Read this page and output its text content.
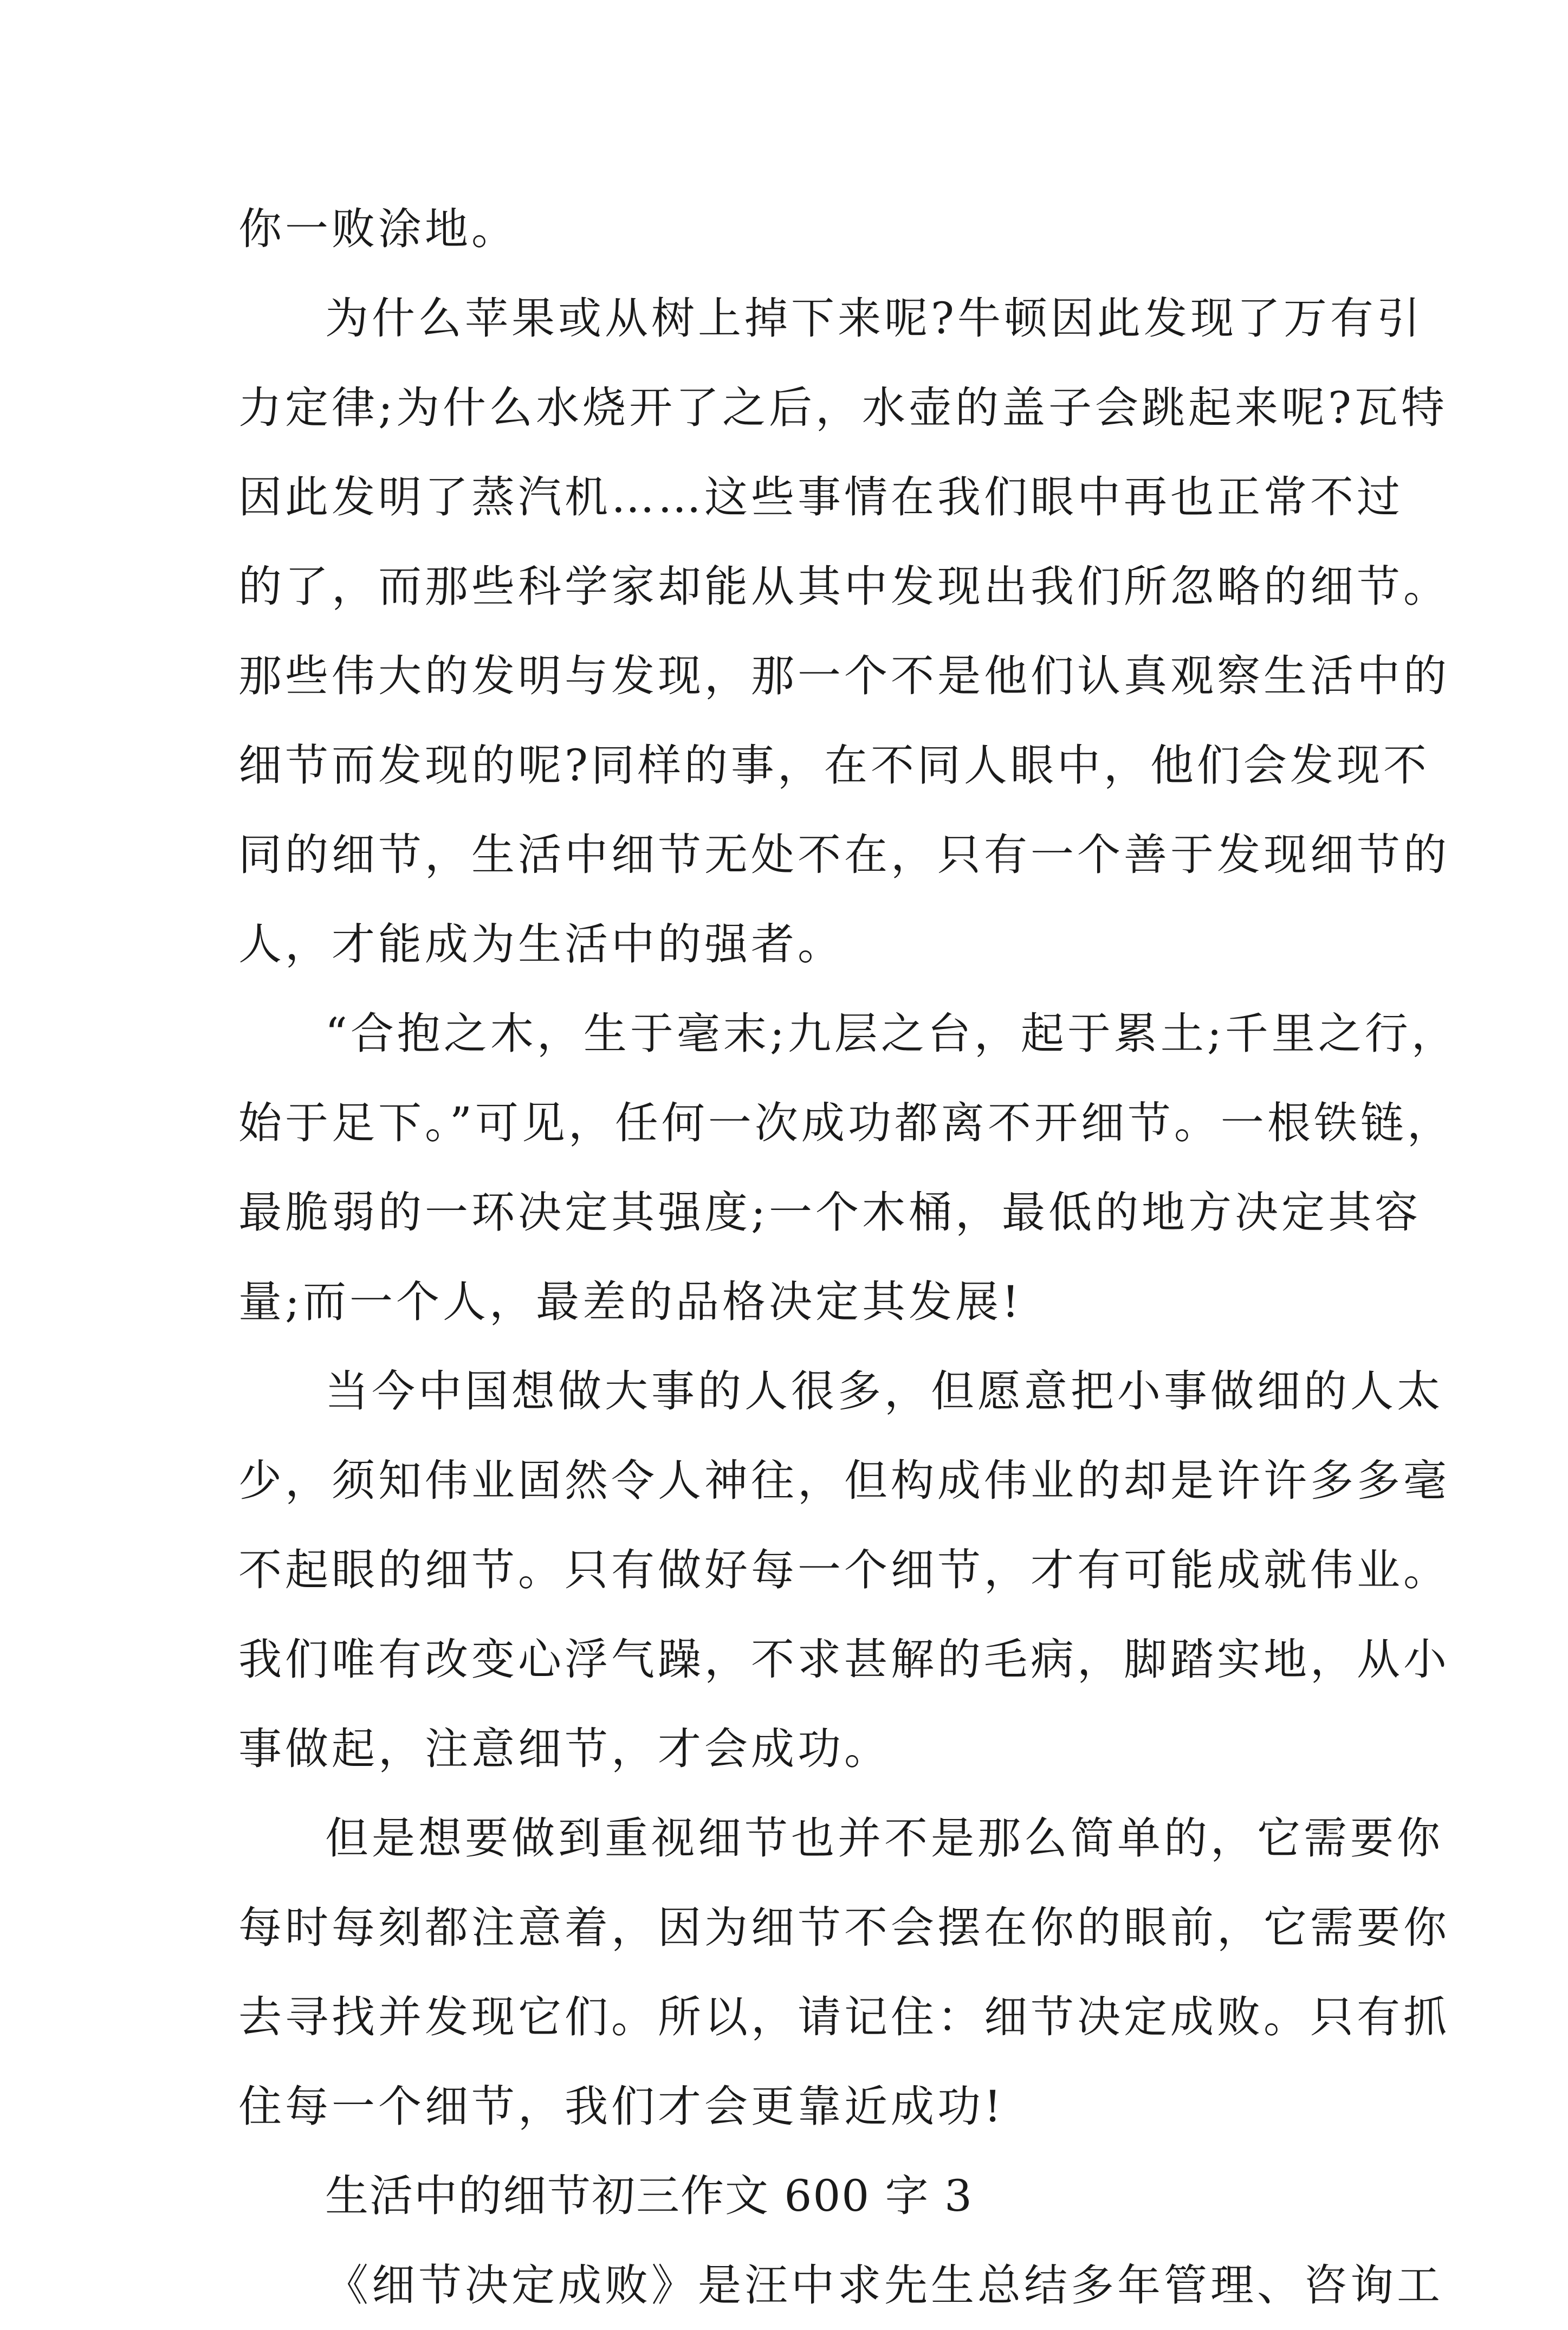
你一败涂地。
为什么苹果或从树上掉下来呢?牛顿因此发现了万有引
力定律;为什么水烧开了之后，水壶的盖子会跳起来呢?瓦特
因此发明了蒸汽机……这些事情在我们眼中再也正常不过
的了，而那些科学家却能从其中发现出我们所忽略的细节。
那些伟大的发明与发现，那一个不是他们认真观察生活中的
细节而发现的呢?同样的事，在不同人眼中，他们会发现不
同的细节，生活中细节无处不在，只有一个善于发现细节的
人，才能成为生活中的强者。
“合抱之木，生于毫末;九层之台，起于累土;千里之行，
始于足下。”可见，任何一次成功都离不开细节。一根铁链，
最脆弱的一环决定其强度;一个木桶，最低的地方决定其容
量;而一个人，最差的品格决定其发展!
当今中国想做大事的人很多，但愿意把小事做细的人太
少，须知伟业固然令人神往，但构成伟业的却是许许多多毫
不起眼的细节。只有做好每一个细节，才有可能成就伟业。
我们唯有改变心浮气躁，不求甚解的毛病，脚踏实地，从小
事做起，注意细节，才会成功。
但是想要做到重视细节也并不是那么简单的，它需要你
每时每刻都注意着，因为细节不会摆在你的眼前，它需要你
去寻找并发现它们。所以，请记住：细节决定成败。只有抓
住每一个细节，我们才会更靠近成功!
生活中的细节初三作文 600 字 3
《细节决定成败》是汪中求先生总结多年管理、咨询工
